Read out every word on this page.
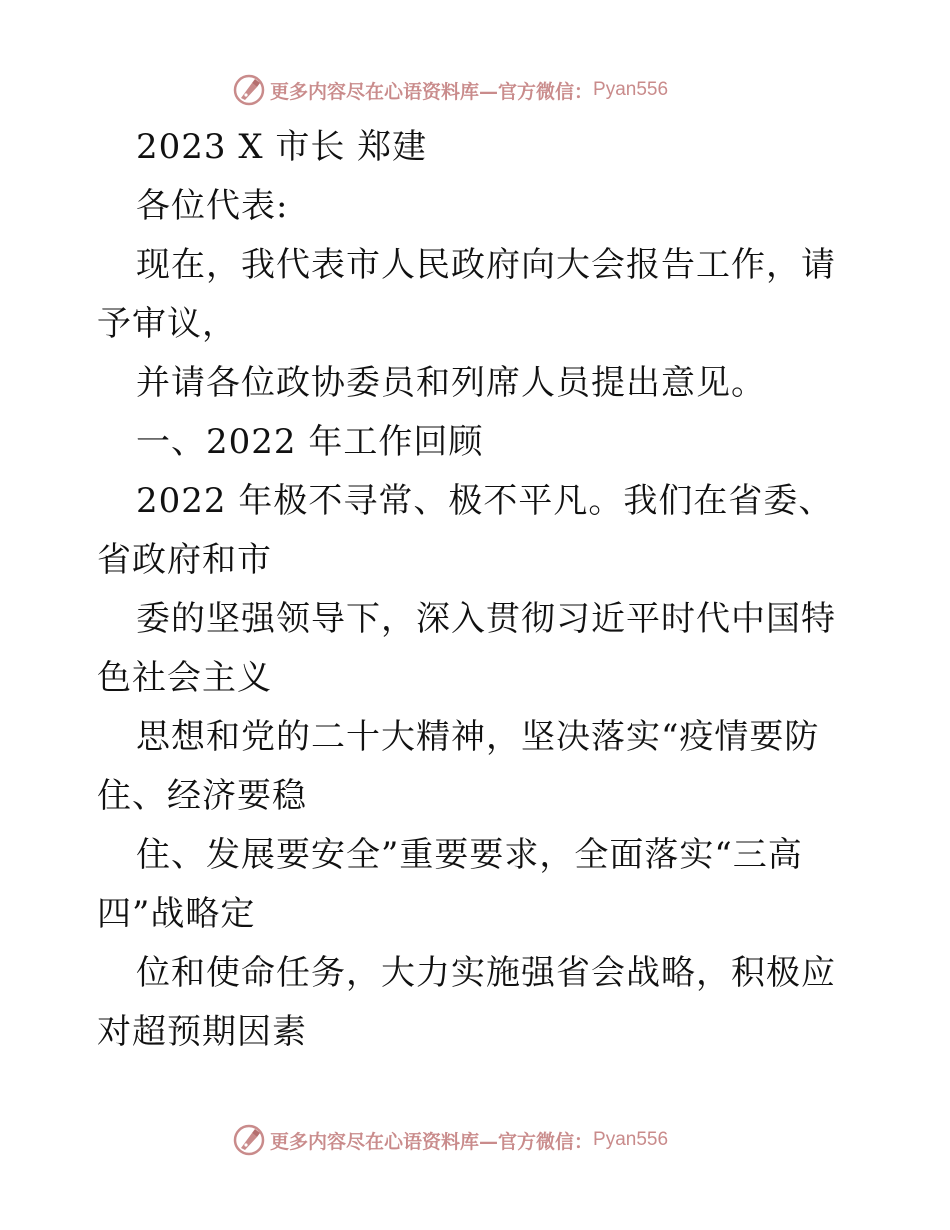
更多内容尽在心语资料库—官方微信： Pyan556

2023 X 市长 郑建

各位代表:

现在，我代表市人民政府向大会报告工作，请予审议，

并请各位政协委员和列席人员提出意见。

一、2022 年工作回顾

2022 年极不寻常、极不平凡。我们在省委、省政府和市

委的坚强领导下，深入贯彻习近平时代中国特色社会主义

思想和党的二十大精神，坚决落实“疫情要防住、经济要稳

住、发展要安全”重要要求，全面落实“三高四”战略定

位和使命任务，大力实施强省会战略，积极应对超预期因素

更多内容尽在心语资料库—官方微信： Pyan556
